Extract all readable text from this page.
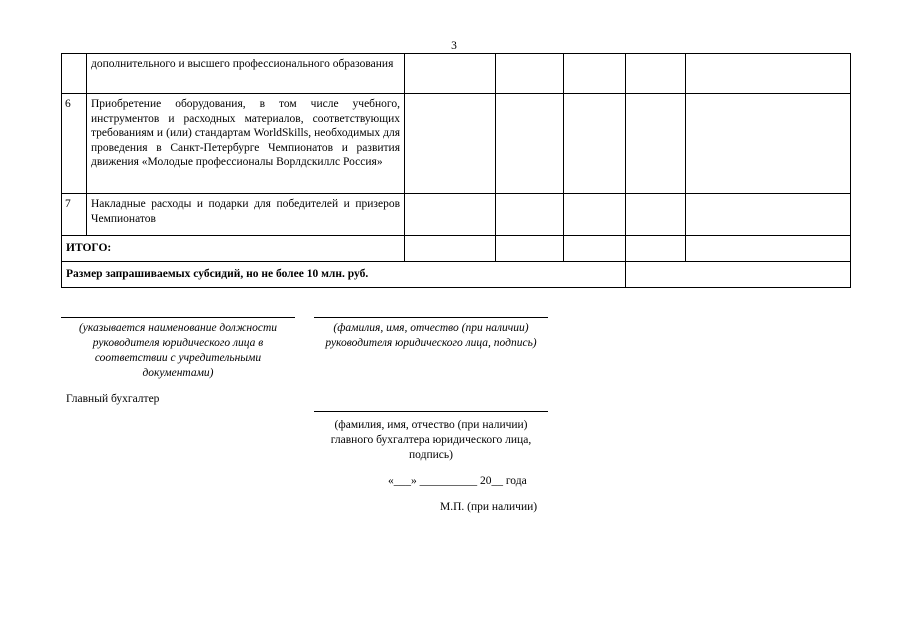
3
	дополнительного и высшего профессионального образования					
6	Приобретение оборудования, в том числе учебного, инструментов и расходных материалов, соответствующих требованиям и (или) стандартам WorldSkills, необходимых для проведения в Санкт-Петербурге Чемпионатов и развития движения «Молодые профессионалы Ворлдскиллс Россия»					
7	Накладные расходы и подарки для победителей и призеров Чемпионатов					
ИТОГО:						
Размер запрашиваемых субсидий, но не более 10 млн. руб.						
(указывается наименование должности руководителя юридического лица в соответствии с учредительными документами)
(фамилия, имя, отчество (при наличии) руководителя юридического лица, подпись)
Главный бухгалтер
(фамилия, имя, отчество (при наличии) главного бухгалтера юридического лица, подпись)
«___» __________ 20__ года
М.П. (при наличии)
